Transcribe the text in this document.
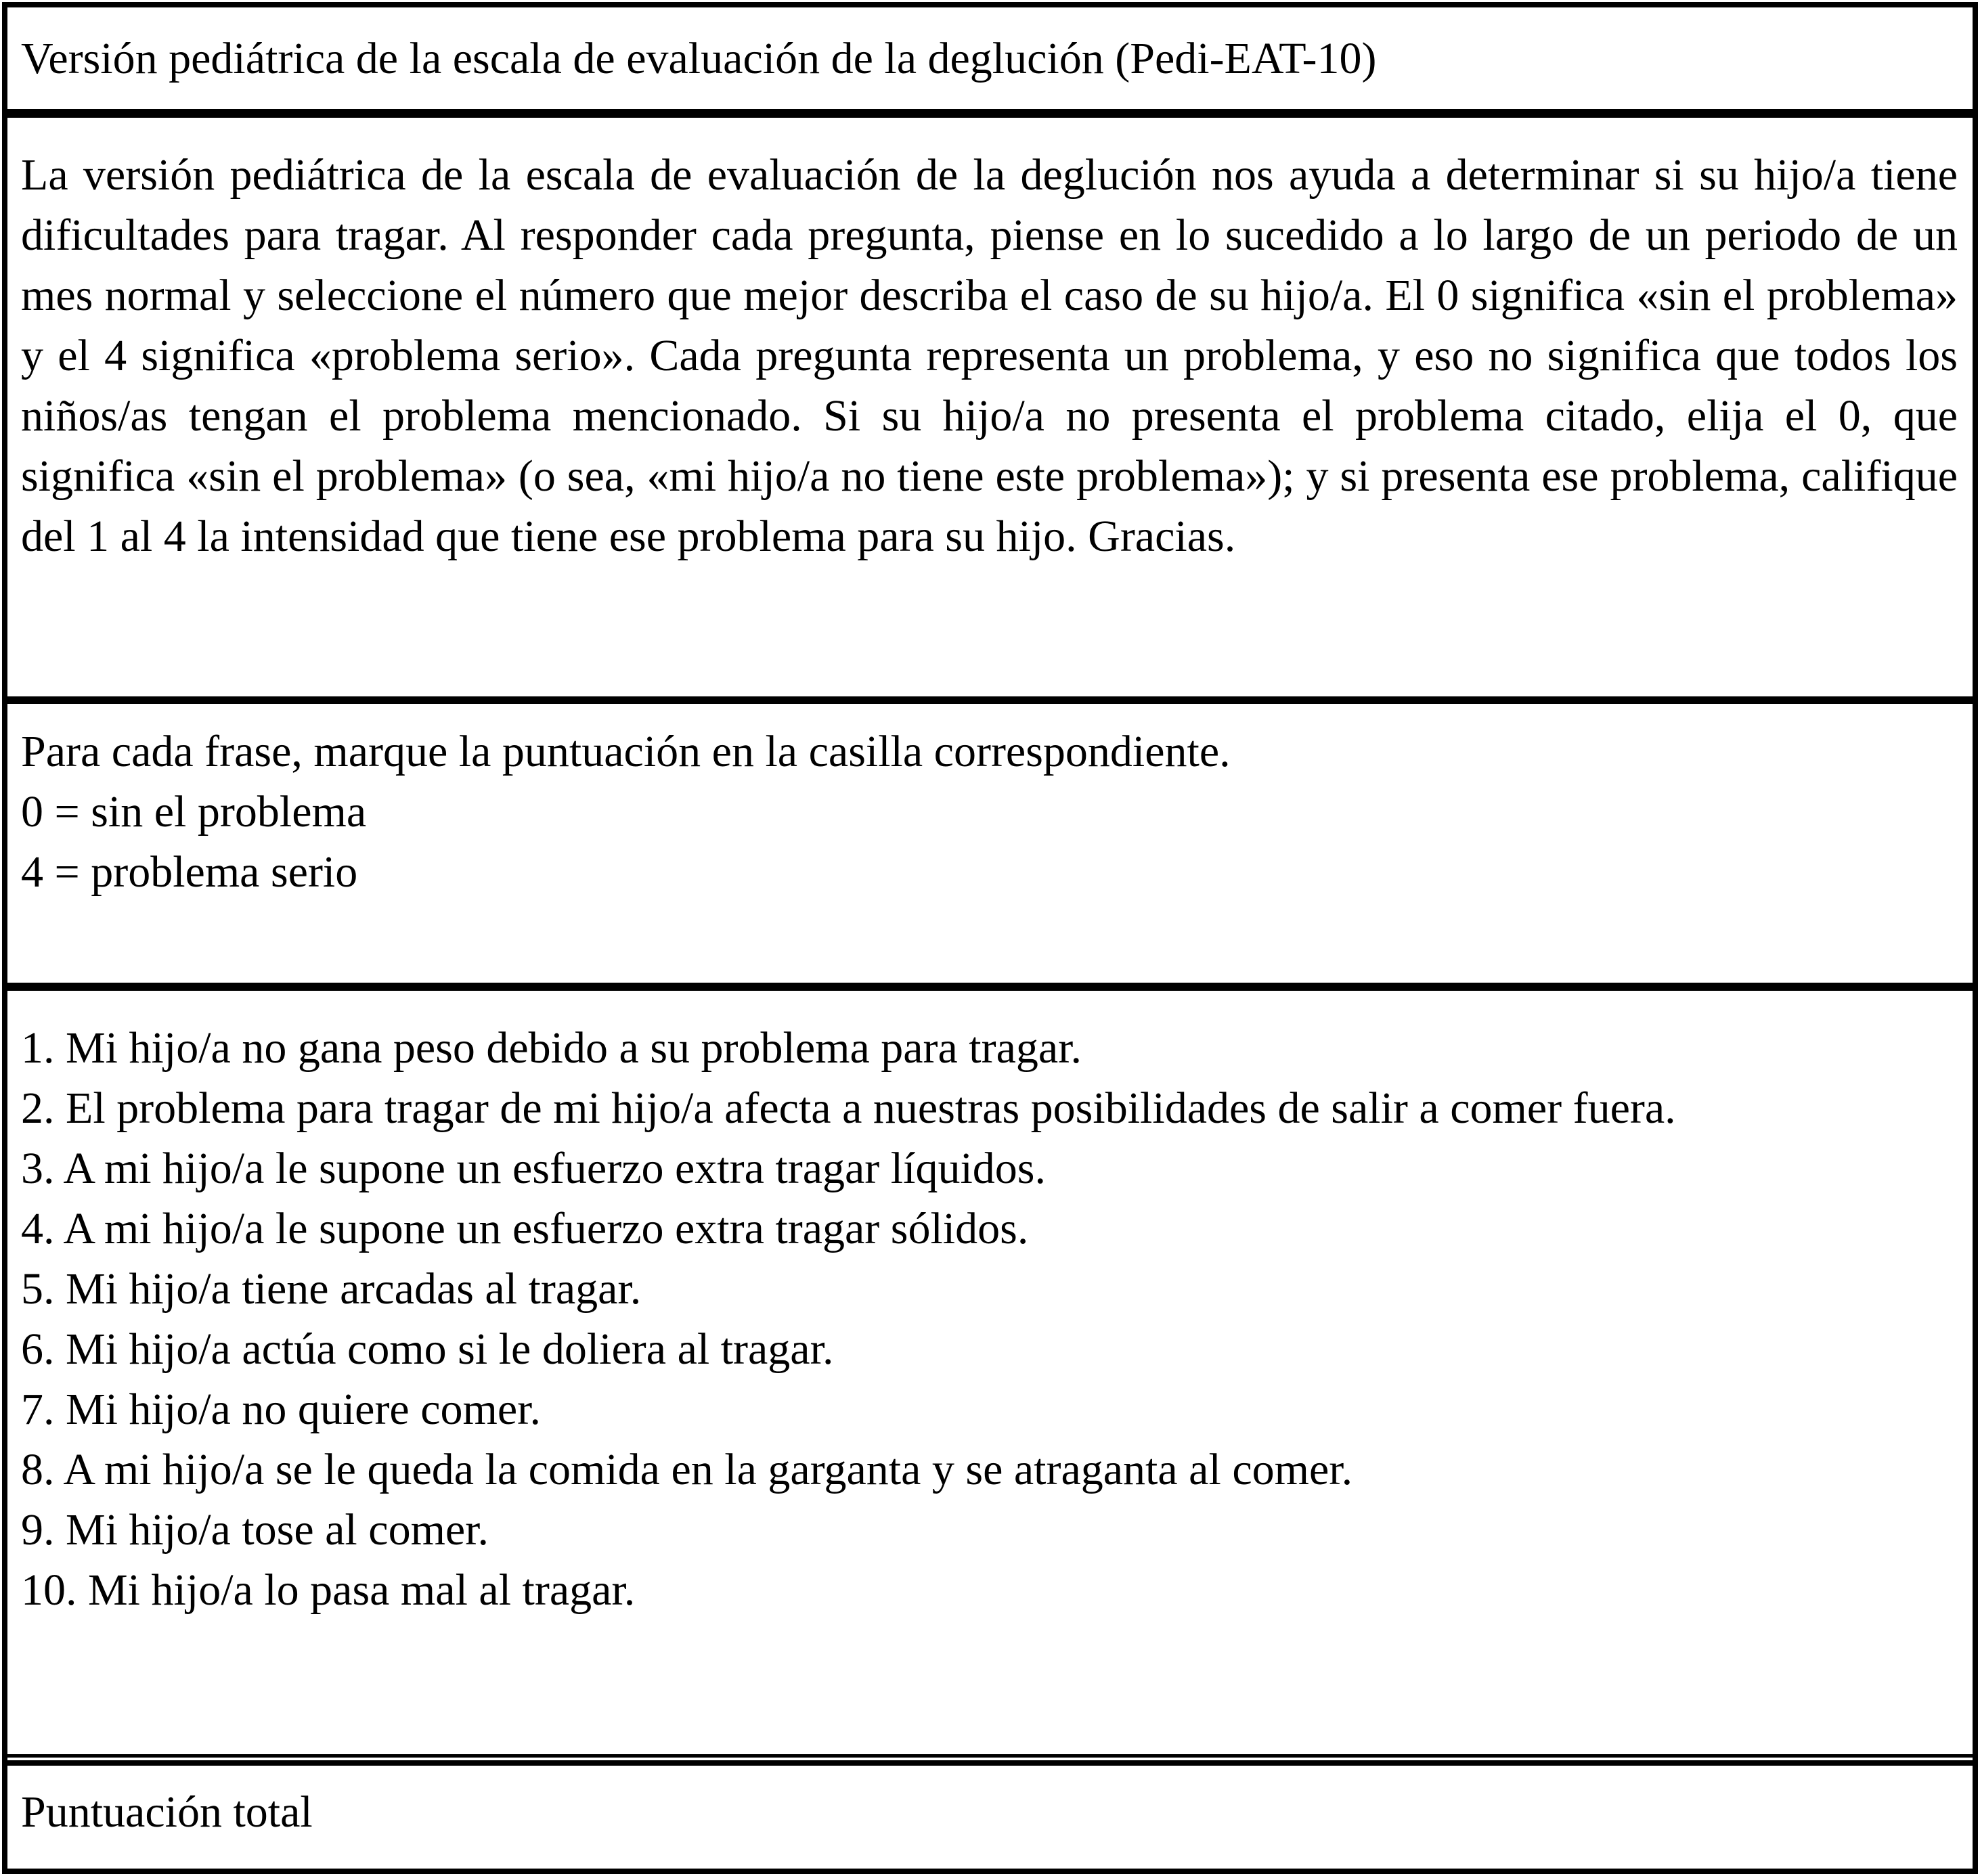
Versión pediátrica de la escala de evaluación de la deglución (Pedi-EAT-10)
La versión pediátrica de la escala de evaluación de la deglución nos ayuda a determinar si su hijo/a tiene dificultades para tragar. Al responder cada pregunta, piense en lo sucedido a lo largo de un periodo de un mes normal y seleccione el número que mejor describa el caso de su hijo/a. El 0 significa «sin el problema» y el 4 significa «problema serio». Cada pregunta representa un problema, y eso no significa que todos los niños/as tengan el problema mencionado. Si su hijo/a no presenta el problema citado, elija el 0, que significa «sin el problema» (o sea, «mi hijo/a no tiene este problema»); y si presenta ese problema, califique del 1 al 4 la intensidad que tiene ese problema para su hijo. Gracias.
Para cada frase, marque la puntuación en la casilla correspondiente.
0 = sin el problema
4 = problema serio
1. Mi hijo/a no gana peso debido a su problema para tragar.
2. El problema para tragar de mi hijo/a afecta a nuestras posibilidades de salir a comer fuera.
3. A mi hijo/a le supone un esfuerzo extra tragar líquidos.
4. A mi hijo/a le supone un esfuerzo extra tragar sólidos.
5. Mi hijo/a tiene arcadas al tragar.
6. Mi hijo/a actúa como si le doliera al tragar.
7. Mi hijo/a no quiere comer.
8. A mi hijo/a se le queda la comida en la garganta y se atraganta al comer.
9. Mi hijo/a tose al comer.
10. Mi hijo/a lo pasa mal al tragar.
Puntuación total
